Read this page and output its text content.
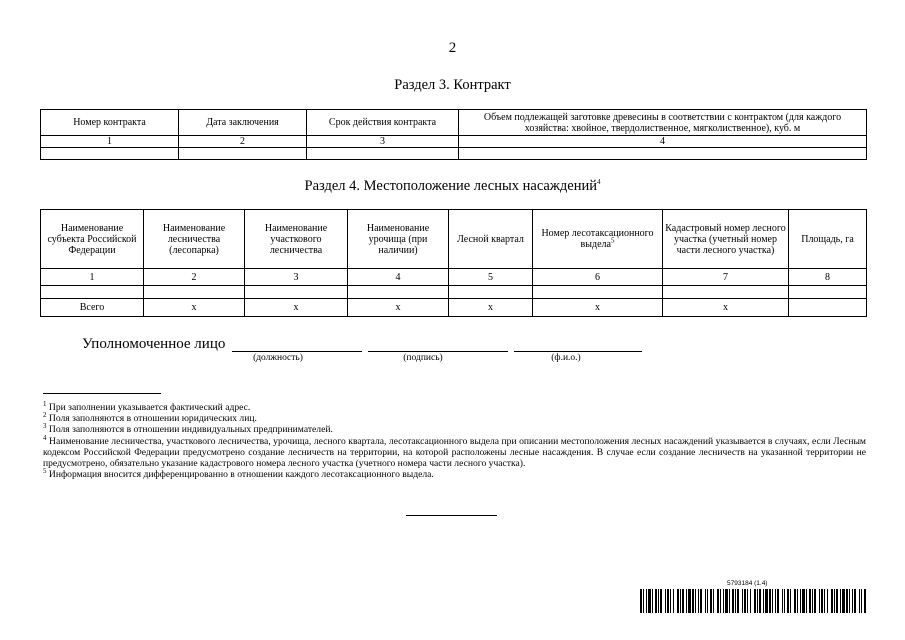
2
Раздел 3. Контракт
Номер контракта	Дата заключения	Срок действия контракта	Объем подлежащей заготовке древесины в соответствии с контрактом (для каждого хозяйства: хвойное, твердолиственное, мягколиственное), куб. м
1	2	3	4

Раздел 4. Местоположение лесных насаждений$^4$
Наименование субъекта Российской Федерации	Наименование лесничества (лесопарка)	Наименование участкового лесничества	Наименование урочища (при наличии)	Лесной квартал	Номер лесотаксационного выдела$^5$	Кадастровый номер лесного участка (учетный номер части лесного участка)	Площадь, га
1	2	3	4	5	6	7	8

Всего	x	x	x	x	x	x	
Уполномоченное лицо
(должность)	(подпись)	(ф.и.о.)

$^1$ При заполнении указывается фактический адрес.

$^2$ Поля заполняются в отношении юридических лиц.

$^3$ Поля заполняются в отношении индивидуальных предпринимателей.

$^4$ Наименование лесничества, участкового лесничества, урочища, лесного квартала, лесотаксационного выдела при описании местоположения лесных насаждений указывается в случаях, если Лесным кодексом Российской Федерации предусмотрено создание лесничеств на территории, на которой расположены лесные насаждения. В случае если создание лесничеств на указанной территории не предусмотрено, обязательно указание кадастрового номера лесного участка (учетного номера части лесного участка).

$^5$ Информация вносится дифференцированно в отношении каждого лесотаксационного выдела.

5793184 (1.4)
